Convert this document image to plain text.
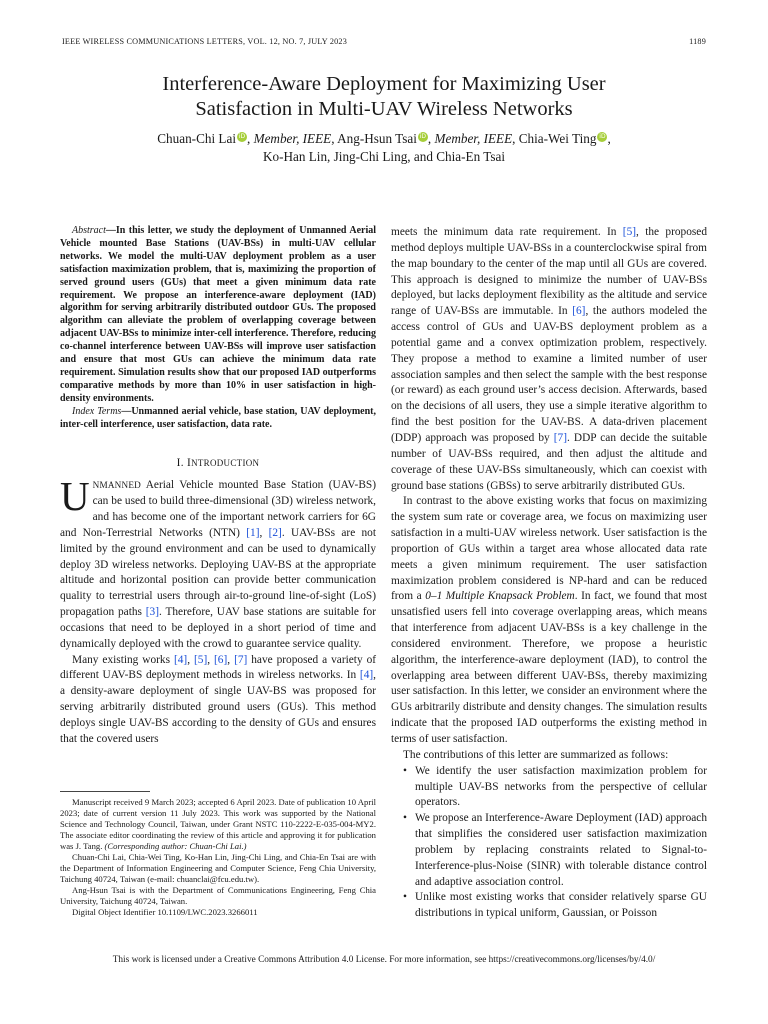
IEEE WIRELESS COMMUNICATIONS LETTERS, VOL. 12, NO. 7, JULY 2023	1189
Interference-Aware Deployment for Maximizing User
Satisfaction in Multi-UAV Wireless Networks
Chuan-Chi Lai iD , Member, IEEE, Ang-Hsun Tsai iD , Member, IEEE, Chia-Wei Ting iD ,
Ko-Han Lin, Jing-Chi Ling, and Chia-En Tsai

Abstract—In this letter, we study the deployment of Unmanned Aerial Vehicle mounted Base Stations (UAV-BSs) in multi-UAV cellular networks. We model the multi-UAV deployment problem as a user satisfaction maximization problem, that is, maximizing the proportion of served ground users (GUs) that meet a given minimum data rate requirement. We propose an interference-aware deployment (IAD) algorithm for serving arbitrarily distributed outdoor GUs. The proposed algorithm can alleviate the problem of overlapping coverage between adjacent UAV-BSs to minimize inter-cell interference. Therefore, reducing co-channel interference between UAV-BSs will improve user satisfaction and ensure that most GUs can achieve the minimum data rate requirement. Simulation results show that our proposed IAD outperforms comparative methods by more than 10% in user satisfaction in high-density environments.

Index Terms—Unmanned aerial vehicle, base station, UAV deployment, inter-cell interference, user satisfaction, data rate.

I. INTRODUCTION

UNMANNED Aerial Vehicle mounted Base Station (UAV-BS) can be used to build three-dimensional (3D) wireless network, and has become one of the important network carriers for 6G and Non-Terrestrial Networks (NTN) [1], [2]. UAV-BSs are not limited by the ground environment and can be used to dynamically deploy 3D wireless networks. Deploying UAV-BS at the appropriate altitude and horizontal position can provide better communication quality to terrestrial users through air-to-ground line-of-sight (LoS) propagation paths [3]. Therefore, UAV base stations are suitable for occasions that need to be deployed in a short period of time and dynamically deployed with the crowd to guarantee service quality.

Many existing works [4], [5], [6], [7] have proposed a variety of different UAV-BS deployment methods in wireless networks. In [4], a density-aware deployment of single UAV-BS was proposed for serving arbitrarily distributed ground users (GUs). This method deploys single UAV-BS according to the density of GUs and ensures that the covered users

Manuscript received 9 March 2023; accepted 6 April 2023. Date of publication 10 April 2023; date of current version 11 July 2023. This work was supported by the National Science and Technology Council, Taiwan, under Grant NSTC 110-2222-E-035-004-MY2. The associate editor coordinating the review of this article and approving it for publication was J. Tang. (Corresponding author: Chuan-Chi Lai.)

Chuan-Chi Lai, Chia-Wei Ting, Ko-Han Lin, Jing-Chi Ling, and Chia-En Tsai are with the Department of Information Engineering and Computer Science, Feng Chia University, Taichung 40724, Taiwan (e-mail: chuanclai@fcu.edu.tw).

Ang-Hsun Tsai is with the Department of Communications Engineering, Feng Chia University, Taichung 40724, Taiwan.

Digital Object Identifier 10.1109/LWC.2023.3266011

meets the minimum data rate requirement. In [5], the proposed method deploys multiple UAV-BSs in a counterclockwise spiral from the map boundary to the center of the map until all GUs are covered. This approach is designed to minimize the number of UAV-BSs deployed, but lacks deployment flexibility as the altitude and service range of UAV-BSs are immutable. In [6], the authors modeled the access control of GUs and UAV-BS deployment problem as a potential game and a convex optimization problem, respectively. They propose a method to examine a limited number of user association samples and then select the sample with the best response (or reward) as each ground user’s access decision. Afterwards, based on the decisions of all users, they use a simple iterative algorithm to find the best position for the UAV-BS. A data-driven placement (DDP) approach was proposed by [7]. DDP can decide the suitable number of UAV-BSs required, and then adjust the altitude and coverage of these UAV-BSs simultaneously, which can coexist with ground base stations (GBSs) to serve arbitrarily distributed GUs.

In contrast to the above existing works that focus on maximizing the system sum rate or coverage area, we focus on maximizing user satisfaction in a multi-UAV wireless network. User satisfaction is the proportion of GUs within a target area whose allocated data rate meets a given minimum requirement. The user satisfaction maximization problem considered is NP-hard and can be reduced from a 0–1 Multiple Knapsack Problem. In fact, we found that most unsatisfied users fell into coverage overlapping areas, which means that interference from adjacent UAV-BSs is a key challenge in the considered environment. Therefore, we propose a heuristic algorithm, the interference-aware deployment (IAD), to control the overlapping area between different UAV-BSs, thereby maximizing user satisfaction. In this letter, we consider an environment where the GUs arbitrarily distribute and density changes. The simulation results indicate that the proposed IAD outperforms the existing method in terms of user satisfaction.

The contributions of this letter are summarized as follows:

• We identify the user satisfaction maximization problem for multiple UAV-BS networks from the perspective of cellular operators.
• We propose an Interference-Aware Deployment (IAD) approach that simplifies the considered user satisfaction maximization problem by replacing constraints related to Signal-to-Interference-plus-Noise (SINR) with tolerable distance control and adaptive association control.
• Unlike most existing works that consider relatively sparse GU distributions in typical uniform, Gaussian, or Poisson
This work is licensed under a Creative Commons Attribution 4.0 License. For more information, see https://creativecommons.org/licenses/by/4.0/
